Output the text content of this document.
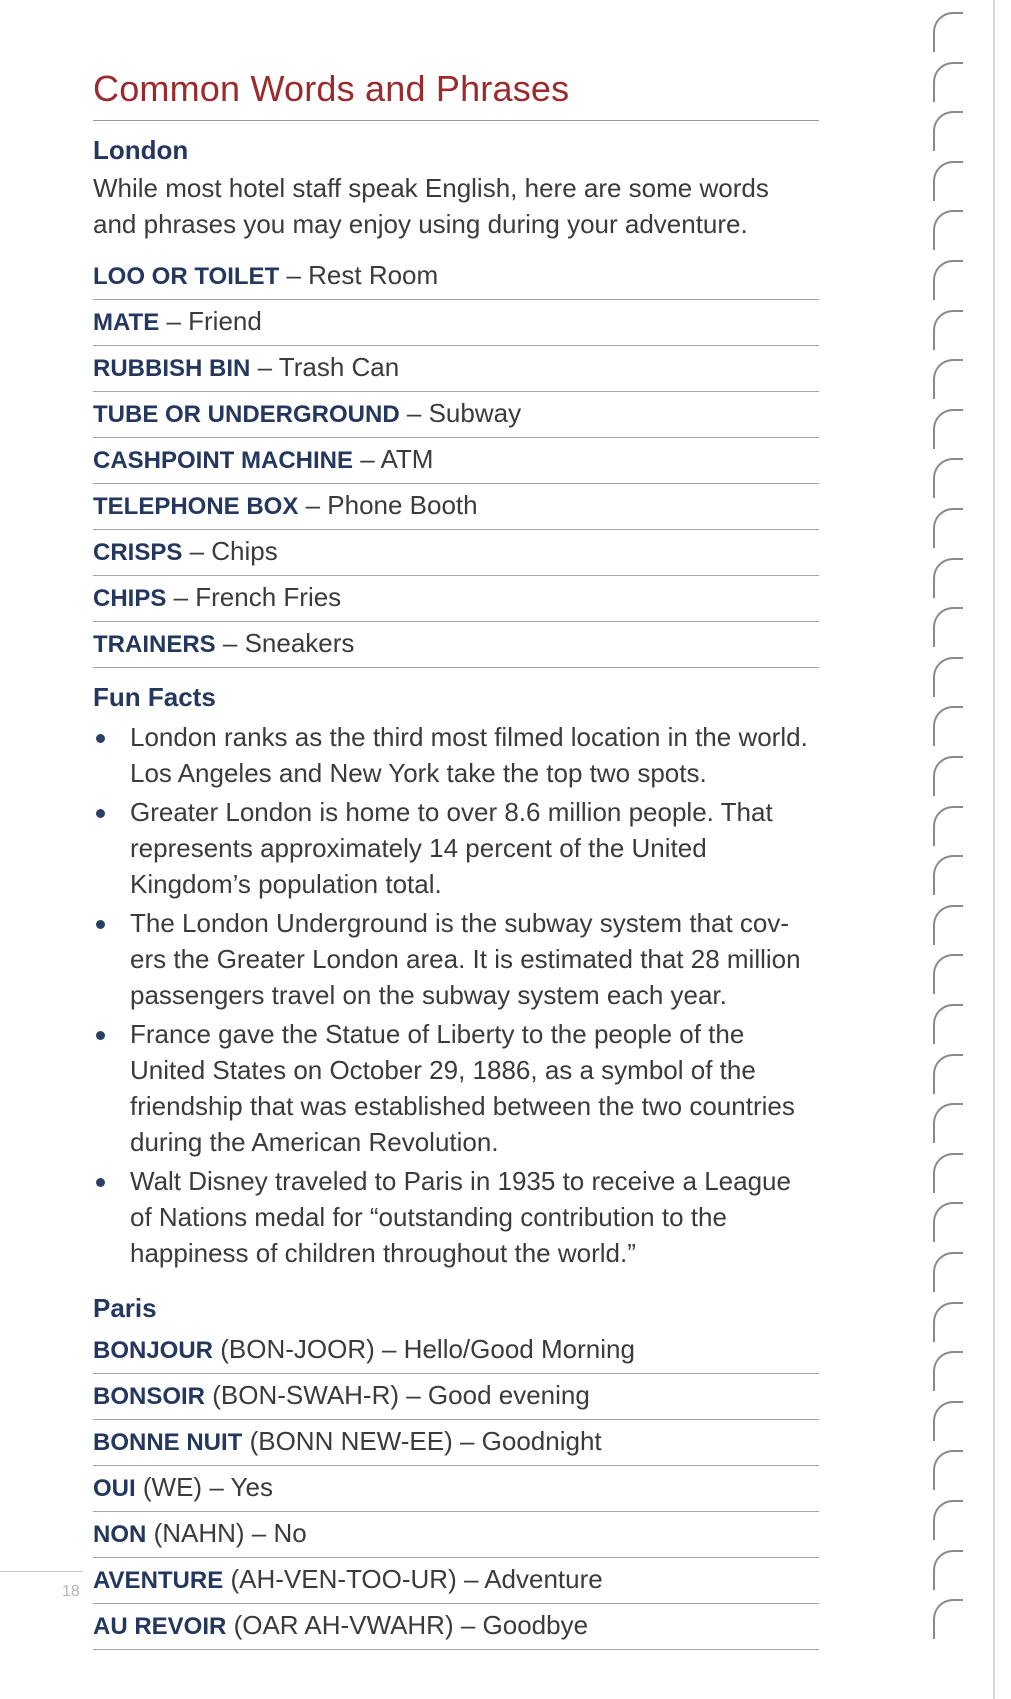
Common Words and Phrases
London

While most hotel staff speak English, here are some words and phrases you may enjoy using during your adventure.

LOO OR TOILET – Rest Room
MATE – Friend
RUBBISH BIN – Trash Can
TUBE OR UNDERGROUND – Subway
CASHPOINT MACHINE – ATM
TELEPHONE BOX – Phone Booth
CRISPS – Chips
CHIPS – French Fries
TRAINERS – Sneakers
Fun Facts
London ranks as the third most filmed location in the world. Los Angeles and New York take the top two spots.
Greater London is home to over 8.6 million people. That represents approximately 14 percent of the United Kingdom’s population total.
The London Underground is the subway system that cov- ers the Greater London area. It is estimated that 28 million passengers travel on the subway system each year.
France gave the Statue of Liberty to the people of the United States on October 29, 1886, as a symbol of the friendship that was established between the two countries during the American Revolution.
Walt Disney traveled to Paris in 1935 to receive a League of Nations medal for “outstanding contribution to the happiness of children throughout the world.”
Paris
BONJOUR (BON-JOOR) – Hello/Good Morning
BONSOIR (BON-SWAH-R) – Good evening
BONNE NUIT (BONN NEW-EE) – Goodnight
OUI (WE) – Yes
NON (NAHN) – No
AVENTURE (AH-VEN-TOO-UR) – Adventure
AU REVOIR (OAR AH-VWAHR) – Goodbye
18
